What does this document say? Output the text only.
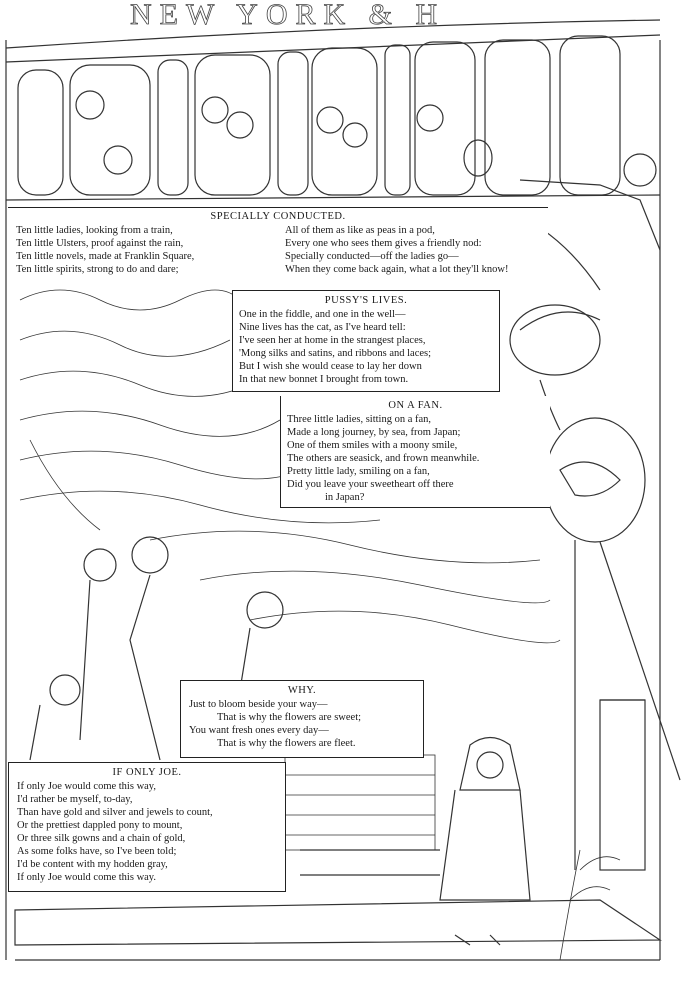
NEW YORK & H
SPECIALLY CONDUCTED.
Ten little ladies, looking from a train,
Ten little Ulsters, proof against the rain,
Ten little novels, made at Franklin Square,
Ten little spirits, strong to do and dare;
All of them as like as peas in a pod,
Every one who sees them gives a friendly nod:
Specially conducted—off the ladies go—
When they come back again, what a lot they'll know!
PUSSY'S LIVES.
One in the fiddle, and one in the well—
Nine lives has the cat, as I've heard tell:
I've seen her at home in the strangest places,
'Mong silks and satins, and ribbons and laces;
But I wish she would cease to lay her down
In that new bonnet I brought from town.
ON A FAN.
Three little ladies, sitting on a fan,
Made a long journey, by sea, from Japan;
One of them smiles with a moony smile,
The others are seasick, and frown meanwhile.
Pretty little lady, smiling on a fan,
Did you leave your sweetheart off there
in Japan?
WHY.
Just to bloom beside your way—
That is why the flowers are sweet;
You want fresh ones every day—
That is why the flowers are fleet.
IF ONLY JOE.
If only Joe would come this way,
I'd rather be myself, to-day,
Than have gold and silver and jewels to count,
Or the prettiest dappled pony to mount,
Or three silk gowns and a chain of gold,
As some folks have, so I've been told;
I'd be content with my hodden gray,
If only Joe would come this way.
